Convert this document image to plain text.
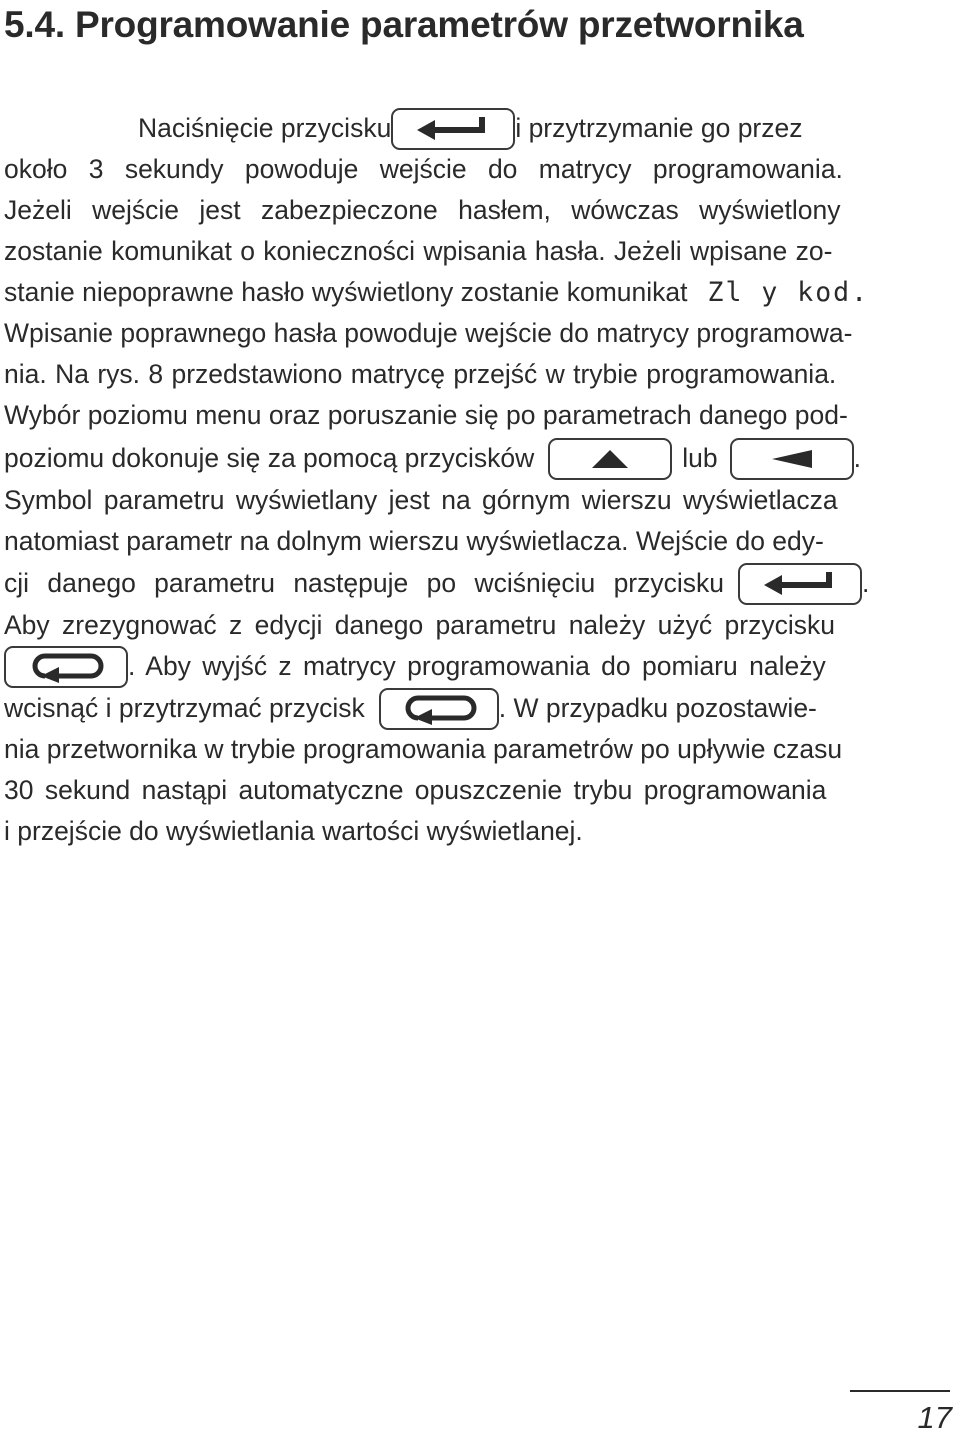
5.4. Programowanie parametrów przetwornika
Naciśnięcie przycisku	i przytrzymanie go przez
około 3 sekundy powoduje wejście do matrycy programowania.
Jeżeli wejście jest zabezpieczone hasłem, wówczas wyświetlony
zostanie komunikat o konieczności wpisania hasła. Jeżeli wpisane zo-
stanie niepoprawne hasło wyświetlony zostanie komunikat Zl y kod.
Wpisanie poprawnego hasła powoduje wejście do matrycy programowa-
nia. Na rys. 8 przedstawiono matrycę przejść w trybie programowania.
Wybór poziomu menu oraz poruszanie się po parametrach danego pod-
poziomu dokonuje się za pomocą przycisków	lub	.
Symbol parametru wyświetlany jest na górnym wierszu wyświetlacza
natomiast parametr na dolnym wierszu wyświetlacza. Wejście do edy-
cji danego parametru następuje po wciśnięciu przycisku	.
Aby zrezygnować z edycji danego parametru należy użyć przycisku
. Aby wyjść z matrycy programowania do pomiaru należy
wcisnąć i przytrzymać przycisk	. W przypadku pozostawie-
nia przetwornika w trybie programowania parametrów po upływie czasu
30 sekund nastąpi automatyczne opuszczenie trybu programowania
i przejście do wyświetlania wartości wyświetlanej.
17
